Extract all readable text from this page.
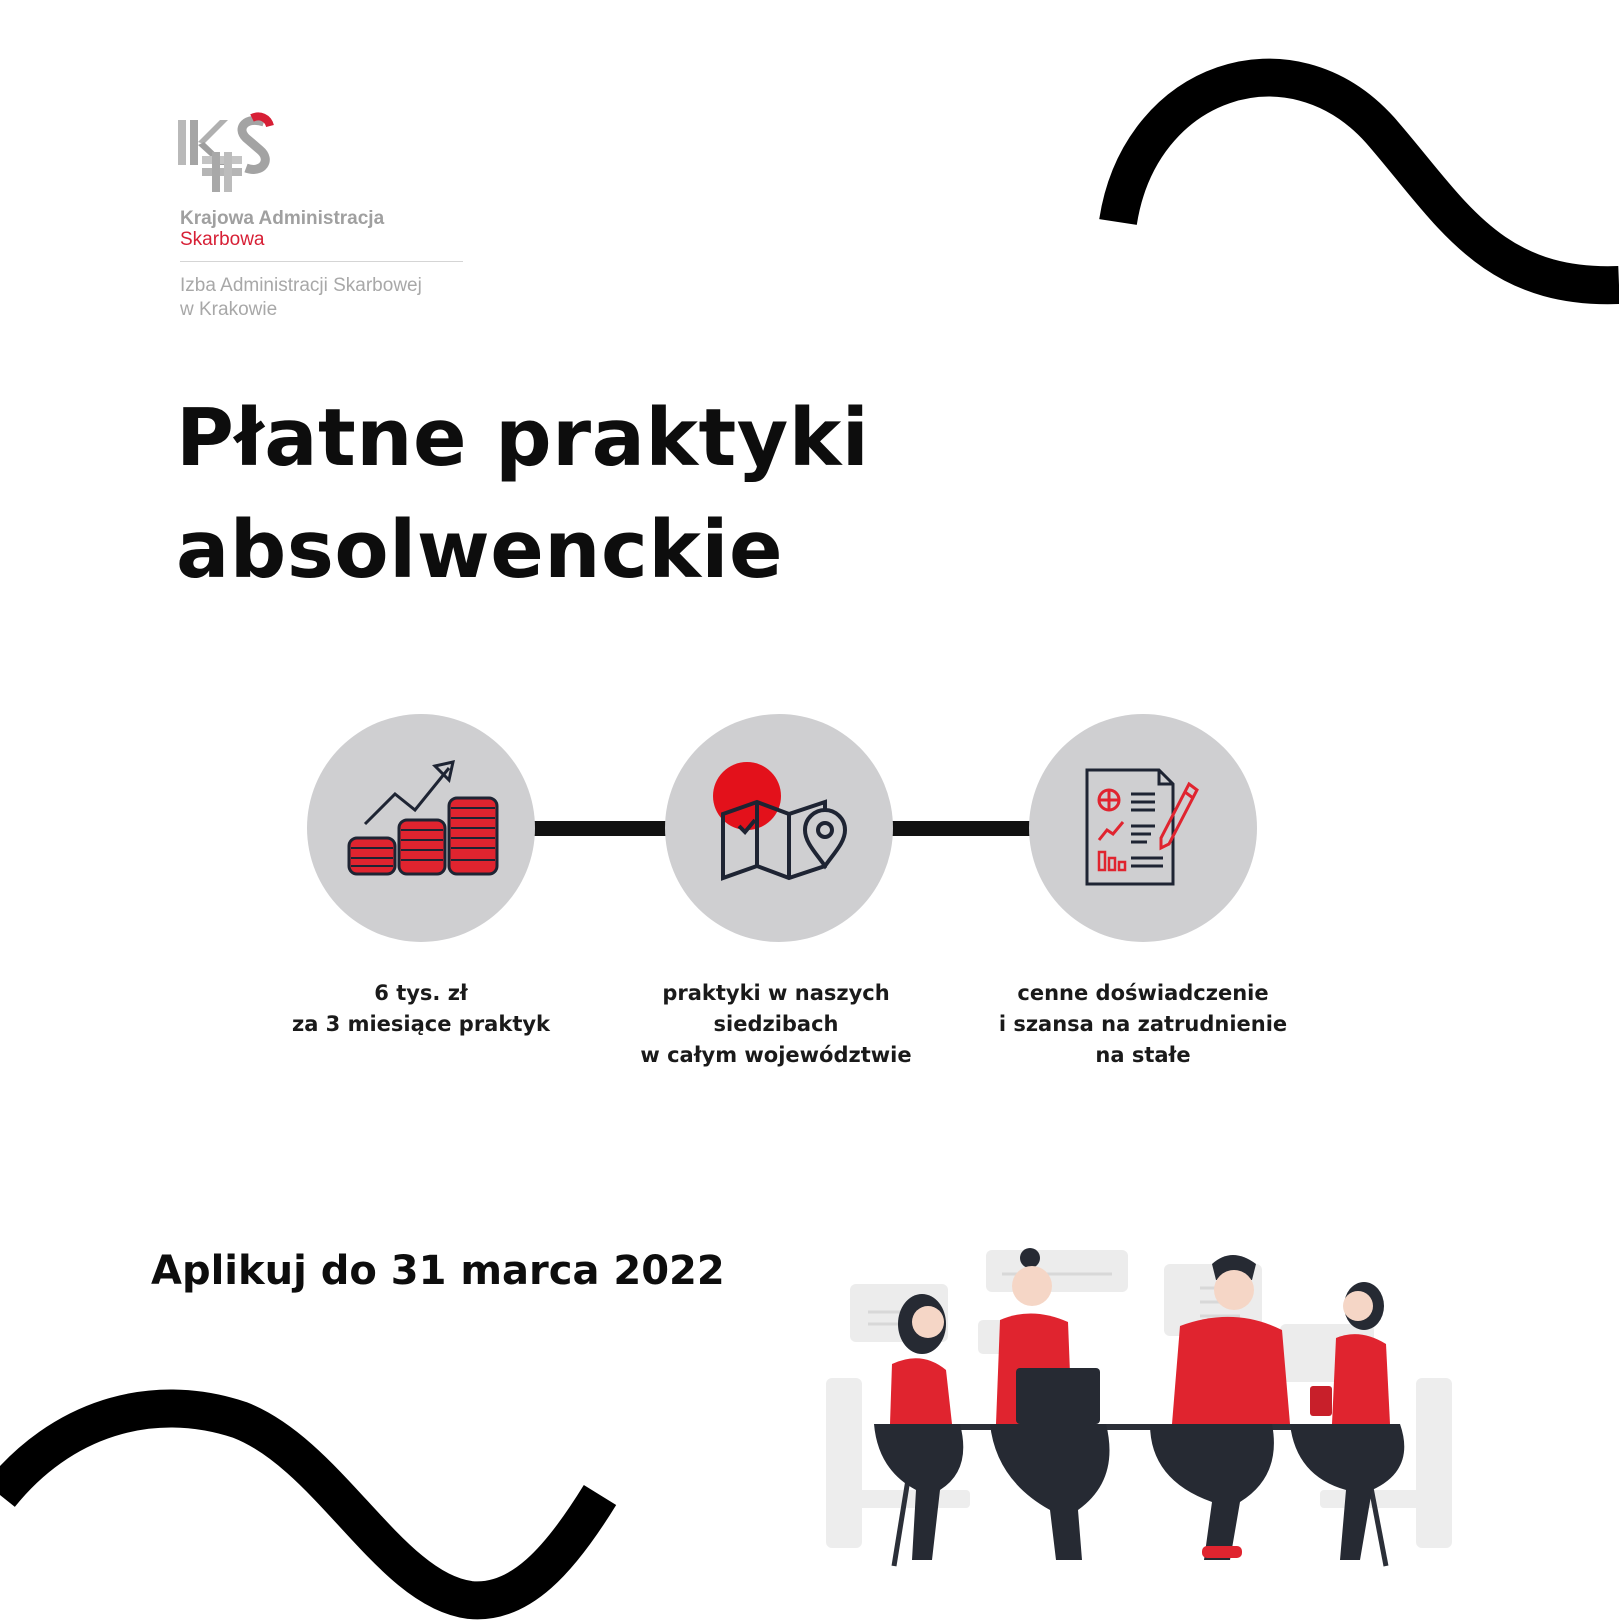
Krajowa Administracja
Skarbowa
Izba Administracji Skarbowej
w Krakowie
Płatne praktyki
absolwenckie
6 tys. zł
za 3 miesiące praktyk
praktyki w naszych
siedzibach
w całym województwie
cenne doświadczenie
i szansa na zatrudnienie
na stałe
Aplikuj do 31 marca 2022
